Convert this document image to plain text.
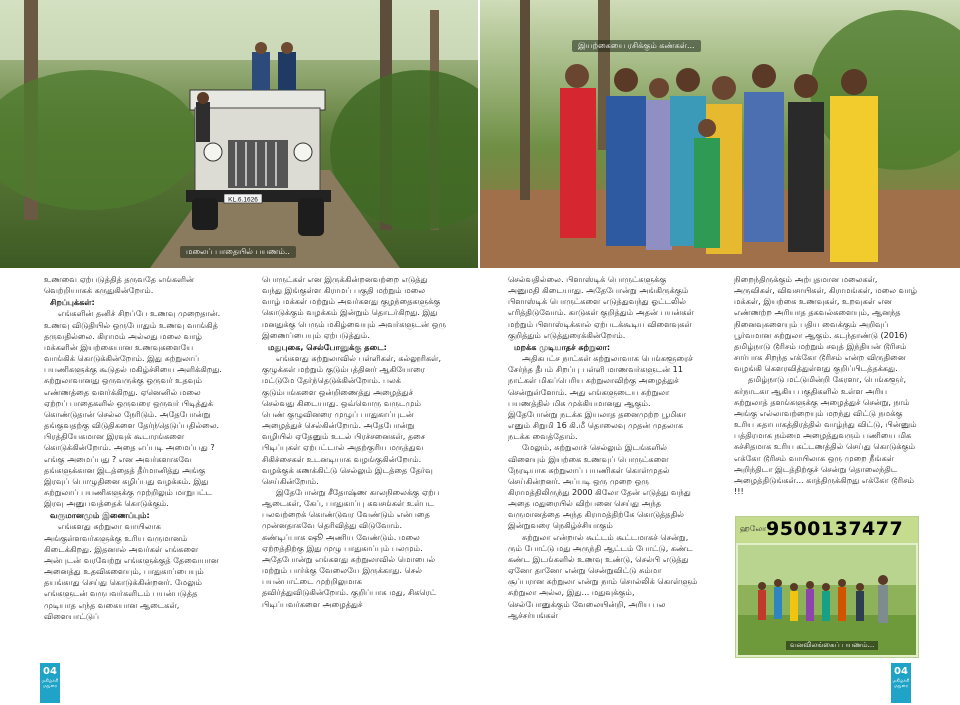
KL.6.1626
மலைப் பாதையில் பயணம்..
இயற்கையை ரசிக்கும் கண்கள்...

உணவை ஏற்படுத்தித் தருவதே எங்களின் வெற்றியாகக் கருதுகின்றோம்.

சிறப்புக்கள்:

எங்களின் தனிச் சிறப்பே உணவு முறைதான். உணவு விடுதியில் ஒருபோதும் உணவு வாங்கித் தருவதில்லை. கிராமம் அல்லது மலை வாழ் மக்களின் இயற்கையான உணவுகளையே வாங்கிக் கொடுக்கின்றோம். இது சுற்றுலாப் பயணிகளுக்கு கூடுதல் மகிழ்ச்சியை அளிக்கிறது. சுற்றுலாவானது ஒருவருக்கு ஒருவர் உதவும் எண்ணத்தை வளர்க்கிறது. ஏனெனில் மலை ஏற்றப் பாதைகளில் ஒருவரை ஒருவர் பிடித்துக் கொண்டுதான் செல்ல நேரிடும். அதேபோன்று தங்குவதற்கு விடுதிகளை தேர்ந்தெடுப்பதில்லை. பிரத்தியேகமான இரவுக் கூடாரங்களை கொடுக்கின்றோம். அதை எப்படி அமைப்பது ? எங்கு அமைப்பது ? என அவர்களாகவே தங்களுக்கான இடத்தைத் தீர்மானித்து அங்கு இரவுப் பொழுதினை கழிப்பது வழக்கம். இது சுற்றுலாப் பயணிகளுக்கு முற்றிலும் மாறுபட்ட இரவு அனுபவத்தைக் கொடுக்கும்.

வருமானமும் இணைப்பும்:

எங்களது சுற்றுலா வாயிலாக அங்குள்ளவர்களுக்கு உரிய வருமானம் கிடைக்கிறது. இதனால் அவர்கள் எங்களை அன்புடன் வரவேற்று எங்களுக்குத் தேவையான அனைத்து உதவிகளையும், பாதுகாப்பையும் தயங்காது செய்து கொடுக்கின்றனர். மேலும் எங்களுடன் வருபவர்களிடம் பயன்படுத்த முடியாத எந்த வகையான ஆடைகள், விளையாட்டுப்

பொருட்கள் என இருக்கின்றனவற்றை எடுத்து வந்து இங்குள்ள கிராமப் பகுதி மற்றும் மலை வாழ் மக்கள் மற்றும் அவர்களது குழந்தைகளுக்கு கொடுக்கும் வழக்கம் இன்றும் தொடர்கிறது. இது மனதுக்கு பெரும் மகிழ்வையும் அவர்களுடன் ஒரு இணைப்பையும் ஏற்படுத்தும்.

மதுபுகை, செல்போனுக்கு தடை:

எங்களது சுற்றுலாவில் பள்ளிகள், கல்லூரிகள், குழுக்கள் மற்றும் குடும்பத்தினர் ஆகியோரை மட்டுமே தேர்ந்தெடுக்கின்றோம். பலக் குடும்பங்களை ஒன்றிணைத்து அழைத்துச் செல்வது கிடையாது. ஒவ்வொரு வருடமும் பெண் குழுவினரை முழுப் பாதுகாப்புடன் அழைத்துச் செல்கின்றோம். அதேபோன்று வழியில் ஏதேனும் உடல் பிரச்சனைகள், தசை பிடிப்புகள் ஏற்பட்டால் அதற்குரிய மருத்துவ சிகிச்சைகள் உடனடியாக வழங்குகின்றோம். வழக்குக் கணக்கிட்டு செல்லும் இடத்தை தேர்வு செய்கின்றோம்.

இதேபோன்று சீதோஷ்ண காலநிலைக்கு ஏற்ப ஆடைகள், கேப், பாதுகாப்பு கவசங்கள் உள்பட பலவற்றைக் கொண்டுவர வேண்டும் என்பதை முன்னதாகவே தெரிவித்து விடுவோம். கண்டிப்பாக ஷூ அணிய வேண்டும். மலை ஏற்றத்திற்கு இது முழு பாதுகாப்பும் பலமும். அதேபோன்று எங்களது சுற்றுலாவில் மொபைல் மற்றும் பார்க்கு வேலையே இருக்காது. செல் பயன்பாட்டை முற்றிலுமாக தவிர்த்துவிடுகின்றோம். குறிப்பாக மது, சிகரெட் பிடிப்பவர்களை அழைத்துச்

செல்வதில்லை. பிளாஸ்டிக் பொருட்களுக்கு அனுமதி கிடையாது. அதேபோன்று அங்கிருக்கும் பிளாஸ்டிக் பொருட்களை எடுத்துவந்து ஓட்டலில் எரித்திடுவோம். காடுகள் குறித்தும் அதன் பயன்கள் மற்றும் பிளாஸ்டிக்கால் ஏற்படக்கூடிய விளைவுகள் குறித்தும் எடுத்துரைக்கின்றோம்.

மறக்க முடியாதச் சுற்றுலா:

அதிகபட்ச நாட்கள் சுற்றுலாவாக பெங்களூரைச் சேர்ந்த தீபம் சிறப்பு பள்ளி மாணவர்களுடன் 11 நாட்கள் மிகப்பெரிய சுற்றுலாவிற்கு அழைத்துச் சென்றுள்ளோம். அது எங்களுடைய சுற்றுலா பயணத்தில் மிக முக்கியமானது ஆகும். இதேபோன்று நடக்க இயலாத தனைமுற்ற பூமிகா எனும் சிறுமி 16 கி.மீ தொலைவு முதன் முதலாக நடக்க வைத்தோம்.

மேலும், சுற்றுலாச் செல்லும் இடங்களில் விளையும் இயற்கை உணவுப் பொருட்களை நேரடியாக சுற்றுலாப் பயணிகள் கொள்முதல் செய்கின்றனர். அப்படி ஒரு முறை ஒரு கிராமத்திலிருந்து 2000 கிலோ தேன் எடுத்து வந்து அதை மதுரையில் விற்பனை செய்து அந்த வருமானத்தை அந்த கிராமத்திற்கே கொடுத்ததில் இன்றுவரை நெகிழ்ச்சியாகும்

சுற்றுலா என்றால் கூட்டம் கூட்டமாகச் சென்று, ரும் போட்டு மது அருந்தி ஆட்டம் போட்டு, கண்ட கண்ட இடங்களில் உணவு உண்டு, செல்பி எடுத்து ஏனோ தானோ என்று சென்றுவிட்டு சும்மா சூப்பரான சுற்றுலா என்று நாம் சொல்லிக் கொள்ளும் சுற்றுலா அல்ல, இது... மதுவுக்கும், செல்போனுக்கும் வேலையின்றி, அரிய பல ஆச்சர்யங்கள்

நிறைந்திருக்கும் அற்புதமான மலைகள், அருவிகள், விவசாயிகள், கிராமங்கள், மலை வாழ் மக்கள், இயற்கை உணவுகள், உறவுகள் என எண்ணற்ற அரியாத தகவல்களையும், ஆனந்த நினைவுகளையும் பதிய வைக்கும் அறிவுப் பூர்வமான சுற்றுலா ஆகும். கடந்தாண்டு (2016) தமிழ்நாடு டூரிசம் மற்றும் சவுத் இந்தியன் டூரிசம் சார்பாக சிறந்த எக்கோ டூரிசம் என்ற விருதினை வழங்கி கௌரவித்துள்ளது குறிப்பிடத்தக்கது.

தமிழ்நாடு மட்டுமின்றி கேரளா, பெங்களூர், கர்நாடகா ஆகிய பகுதிகளில் உள்ள அரிய சுற்றுலாத் தளங்களுக்கு அழைத்துச் சென்று, நாம் அங்கு எல்லாவற்றையும் மறந்து விட்டு நமக்கு உரிய சுதாபாகத்திரத்தில் வாழ்ந்து விட்டு, பின்னும் பத்திரமாக நம்மை அழைத்துவரும் பணியை மிக சுச்சிதமாக உரிய கட்டணத்தில் செய்து கொடுக்கும் எக்கோ டூரிசம் வாயிலாக ஒரு முறை நீங்கள் அறிந்திடா இடத்திற்குச் சென்று தொலைந்திட அழைத்திடுங்கள்... காத்திருக்கிறது எக்கோ டூரிசம் !!!

ஹலோ 9500137477
வனவிலங்கைப் பயணம்...
04
மகிழ்ச்சி மதுரை
04
மகிழ்ச்சி மதுரை
